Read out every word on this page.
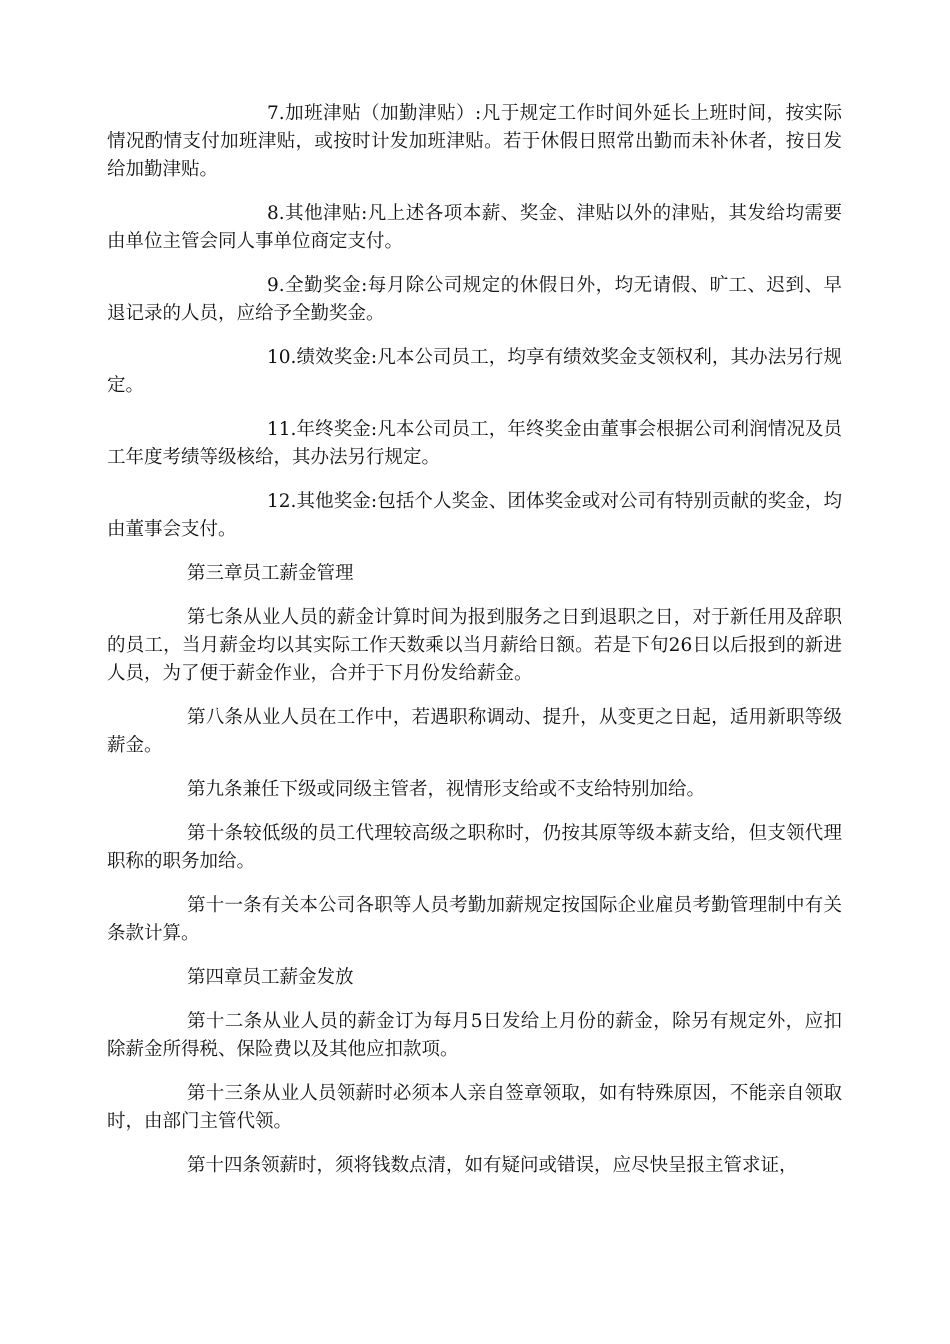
7.加班津贴（加勤津贴）:凡于规定工作时间外延长上班时间，按实际情况酌情支付加班津贴，或按时计发加班津贴。若于休假日照常出勤而未补休者，按日发给加勤津贴。

8.其他津贴:凡上述各项本薪、奖金、津贴以外的津贴，其发给均需要由单位主管会同人事单位商定支付。

9.全勤奖金:每月除公司规定的休假日外，均无请假、旷工、迟到、早退记录的人员，应给予全勤奖金。

10.绩效奖金:凡本公司员工，均享有绩效奖金支领权利，其办法另行规定。

11.年终奖金:凡本公司员工，年终奖金由董事会根据公司利润情况及员工年度考绩等级核给，其办法另行规定。

12.其他奖金:包括个人奖金、团体奖金或对公司有特别贡献的奖金，均由董事会支付。

第三章员工薪金管理

第七条从业人员的薪金计算时间为报到服务之日到退职之日，对于新任用及辞职的员工，当月薪金均以其实际工作天数乘以当月薪给日额。若是下旬26日以后报到的新进人员，为了便于薪金作业，合并于下月份发给薪金。

第八条从业人员在工作中，若遇职称调动、提升，从变更之日起，适用新职等级薪金。

第九条兼任下级或同级主管者，视情形支给或不支给特别加给。

第十条较低级的员工代理较高级之职称时，仍按其原等级本薪支给，但支领代理职称的职务加给。

第十一条有关本公司各职等人员考勤加薪规定按国际企业雇员考勤管理制中有关条款计算。

第四章员工薪金发放

第十二条从业人员的薪金订为每月5日发给上月份的薪金，除另有规定外，应扣除薪金所得税、保险费以及其他应扣款项。

第十三条从业人员领薪时必须本人亲自签章领取，如有特殊原因，不能亲自领取时，由部门主管代领。

第十四条领薪时，须将钱数点清，如有疑问或错误，应尽快呈报主管求证，
